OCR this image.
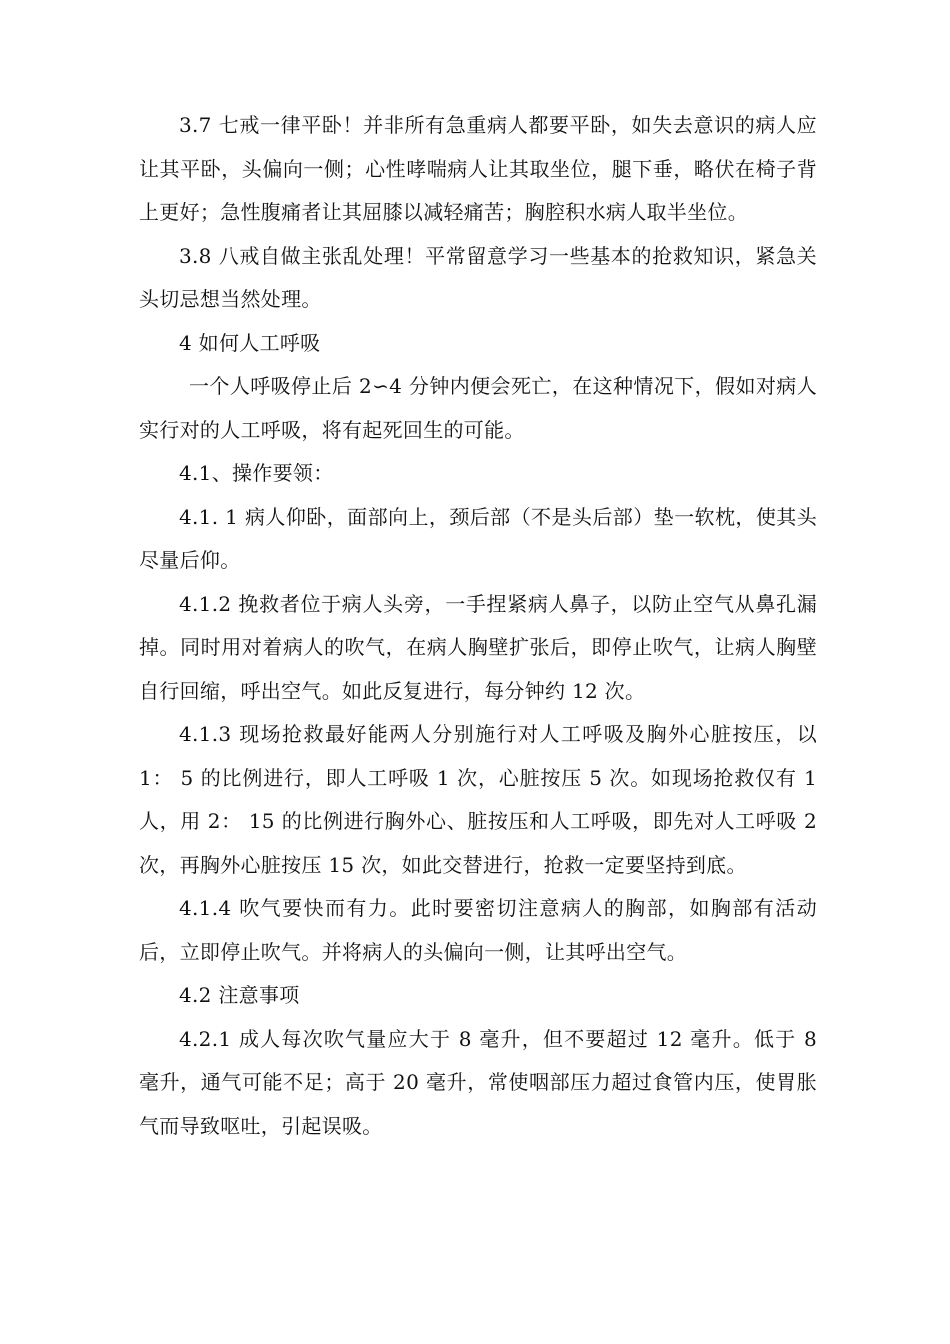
3.7 七戒一律平卧！并非所有急重病人都要平卧，如失去意识的病人应让其平卧，头偏向一侧；心性哮喘病人让其取坐位，腿下垂，略伏在椅子背上更好；急性腹痛者让其屈膝以减轻痛苦；胸腔积水病人取半坐位。

3.8 八戒自做主张乱处理！平常留意学习一些基本的抢救知识，紧急关头切忌想当然处理。

4 如何人工呼吸

一个人呼吸停止后 2∽4 分钟内便会死亡，在这种情况下，假如对病人实行对的人工呼吸，将有起死回生的可能。

4.1、操作要领：

4.1. 1 病人仰卧，面部向上，颈后部（不是头后部）垫一软枕，使其头尽量后仰。

4.1.2 挽救者位于病人头旁，一手捏紧病人鼻子，以防止空气从鼻孔漏掉。同时用对着病人的吹气，在病人胸壁扩张后，即停止吹气，让病人胸壁自行回缩，呼出空气。如此反复进行，每分钟约 12 次。

4.1.3 现场抢救最好能两人分别施行对人工呼吸及胸外心脏按压，以 1： 5 的比例进行，即人工呼吸 1 次，心脏按压 5 次。如现场抢救仅有 1 人，用 2： 15 的比例进行胸外心、脏按压和人工呼吸，即先对人工呼吸 2 次，再胸外心脏按压 15 次，如此交替进行，抢救一定要坚持到底。

4.1.4 吹气要快而有力。此时要密切注意病人的胸部，如胸部有活动后，立即停止吹气。并将病人的头偏向一侧，让其呼出空气。

4.2 注意事项

4.2.1 成人每次吹气量应大于 8 毫升，但不要超过 12 毫升。低于 8 毫升，通气可能不足；高于 20 毫升，常使咽部压力超过食管内压，使胃胀气而导致呕吐，引起误吸。
